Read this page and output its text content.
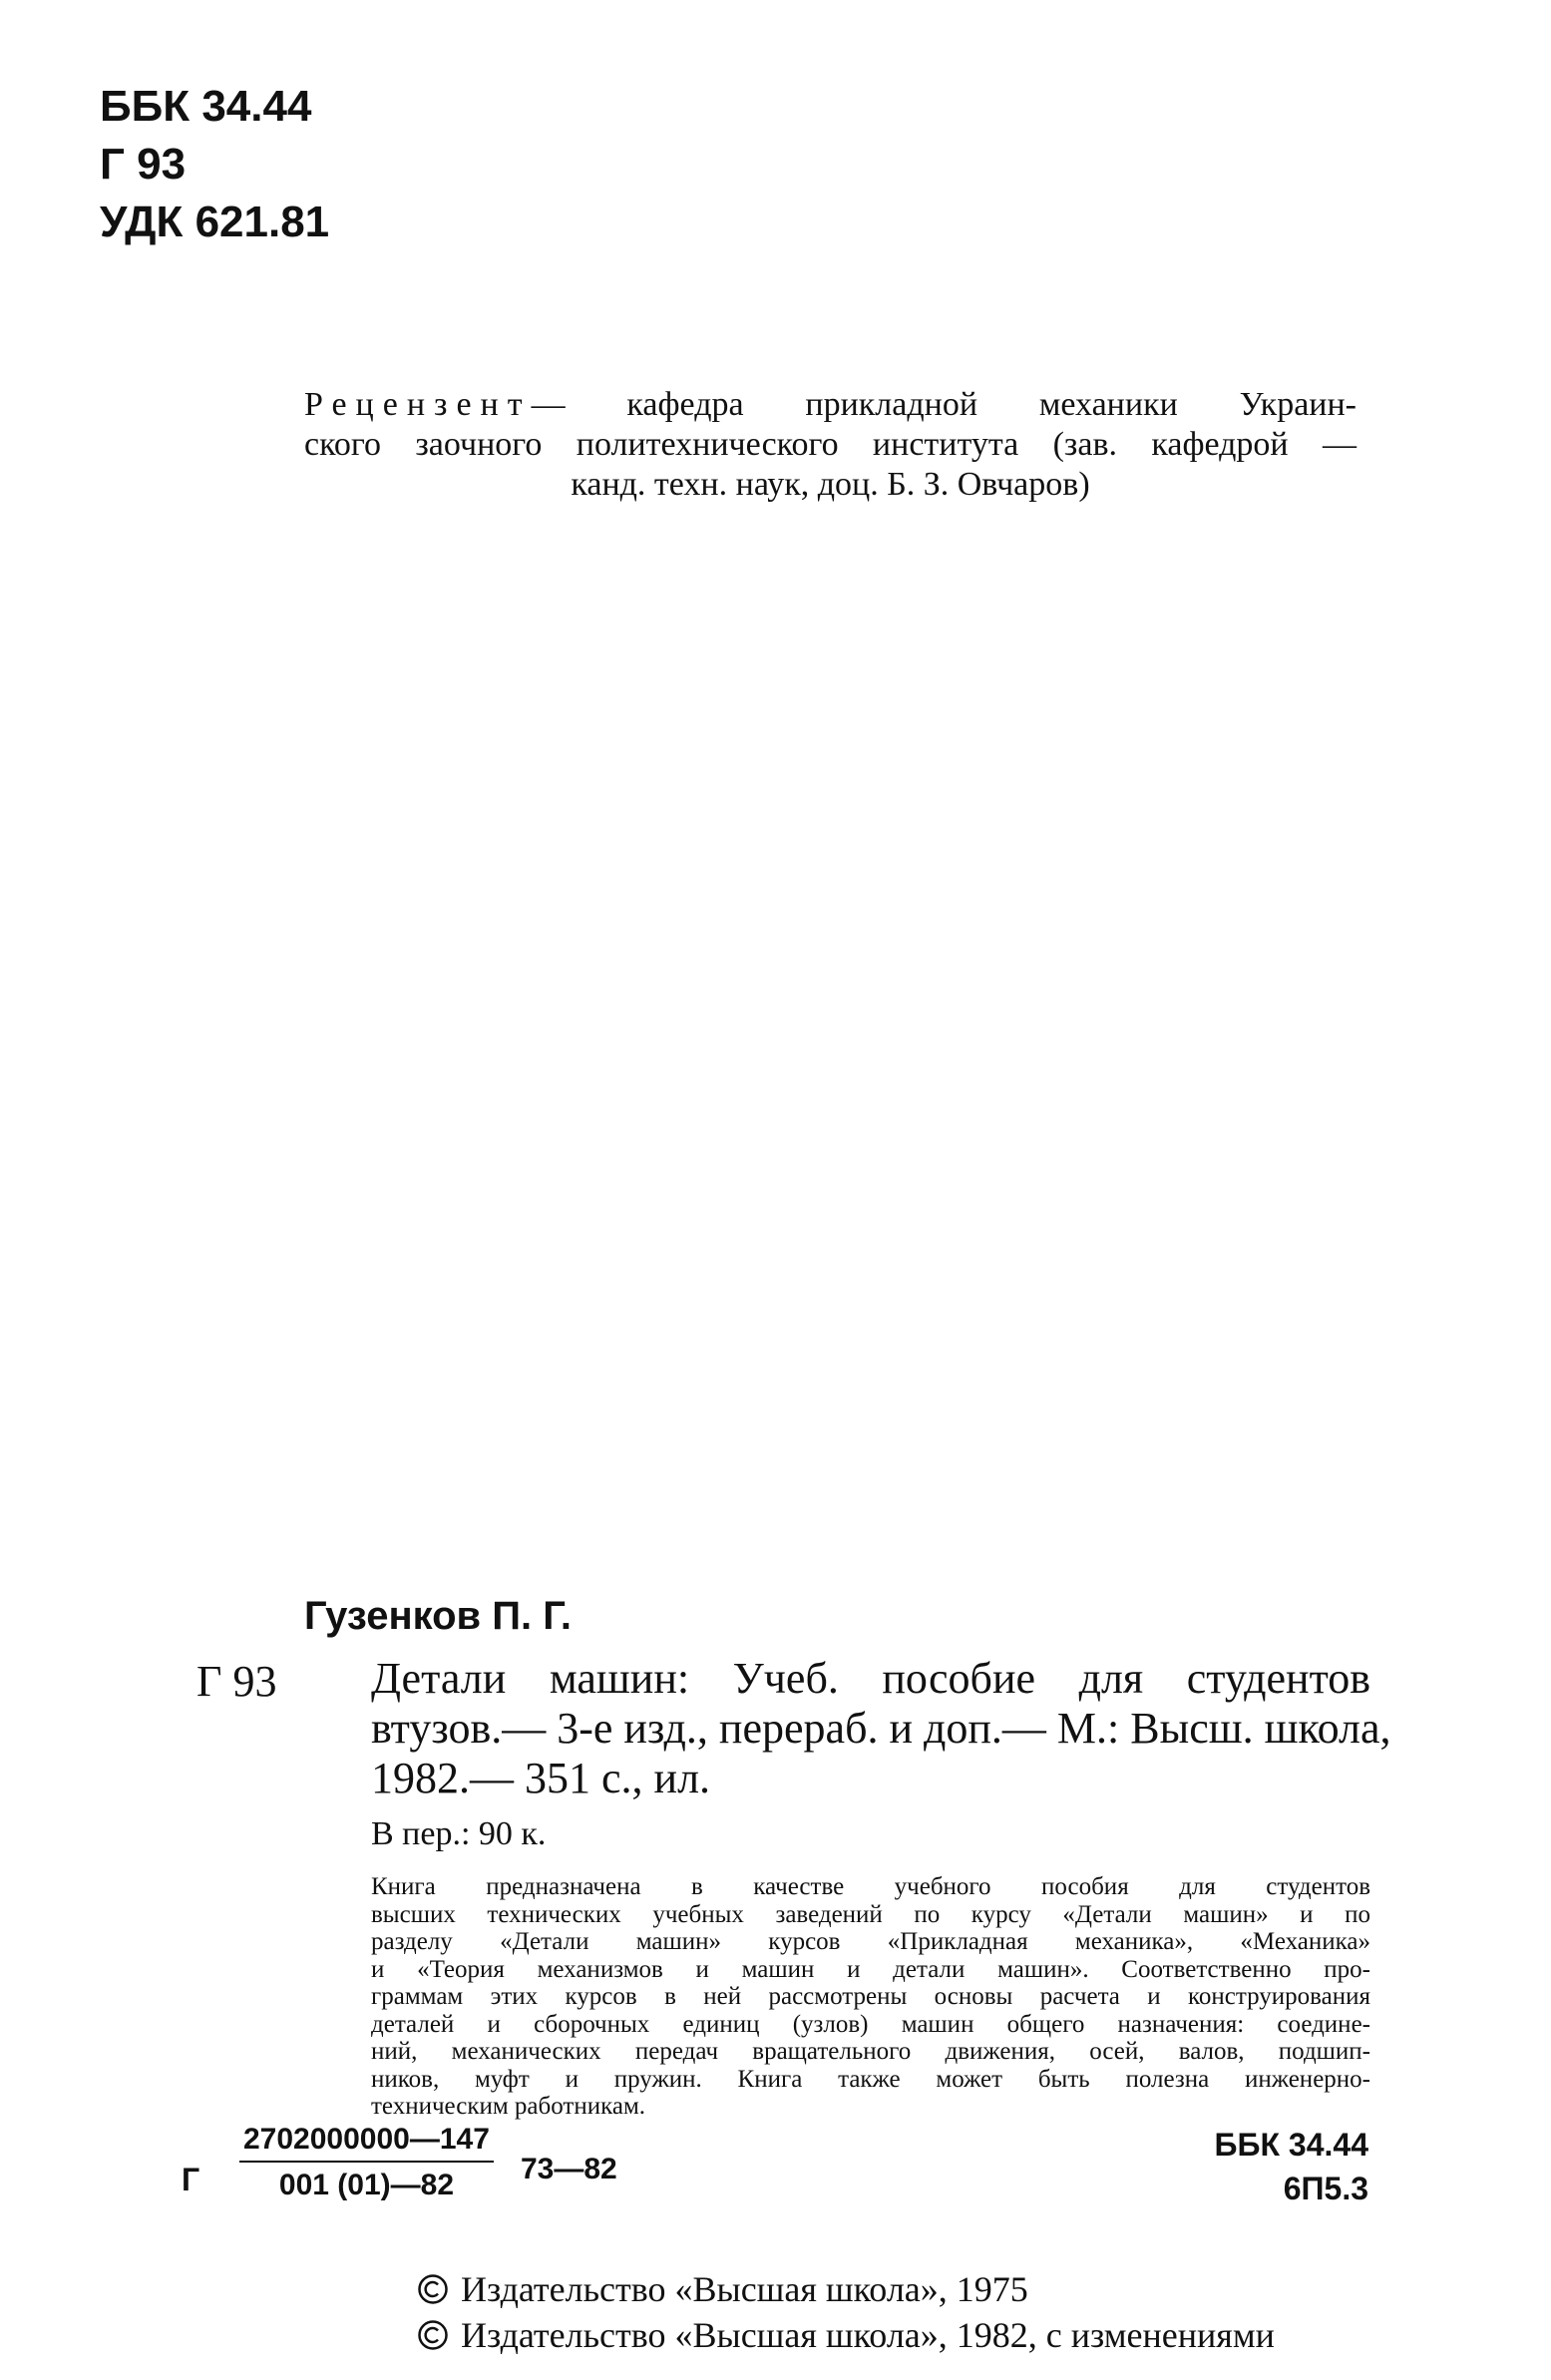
ББК 34.44
Г 93
УДК 621.81
Рецензент— кафедра прикладной механики Украин-
ского заочного политехнического института (зав. кафедрой —
канд. техн. наук, доц. Б. З. Овчаров)
Гузенков П. Г.
Г 93 Детали машин: Учеб. пособие для студентов
втузов.— 3-е изд., перераб. и доп.— М.: Высш. школа,
1982.— 351 с., ил.
В пер.: 90 к.
Книга предназначена в качестве учебного пособия для студентов
высших технических учебных заведений по курсу «Детали машин» и по
разделу «Детали машин» курсов «Прикладная механика», «Механика»
и «Теория механизмов и машин и детали машин». Соответственно про-
граммам этих курсов в ней рассмотрены основы расчета и конструирования
деталей и сборочных единиц (узлов) машин общего назначения: соедине-
ний, механических передач вращательного движения, осей, валов, подшип-
ников, муфт и пружин. Книга также может быть полезна инженерно-
техническим работникам.
Г $\frac{2702000000—147}{001 (01)—82}$ 73—82
ББК 34.44
6П5.3
Издательство «Высшая школа», 1975
Издательство «Высшая школа», 1982, с изменениями
